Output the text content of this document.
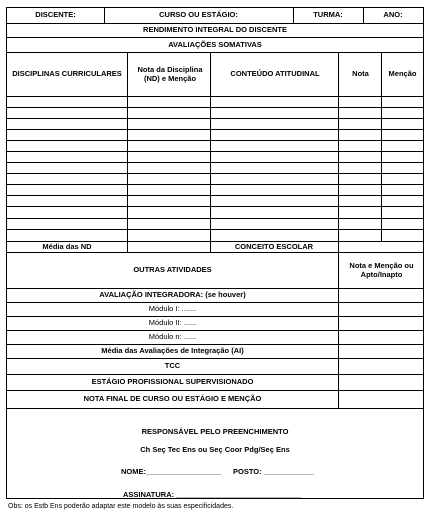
DISCENTE:	CURSO OU ESTÁGIO:	TURMA:	ANO:
RENDIMENTO INTEGRAL DO DISCENTE
AVALIAÇÕES SOMATIVAS
DISCIPLINAS CURRICULARES	Nota da Disciplina (ND) e Menção	CONTEÚDO ATITUDINAL	Nota	Menção
Média das ND	CONCEITO ESCOLAR
OUTRAS ATIVIDADES	Nota e Menção ou Apto/Inapto
AVALIAÇÃO INTEGRADORA: (se houver)
Módulo I: .......
Módulo II: ......
Módulo n: ......
Média das Avaliações de Integração (AI)
TCC
ESTÁGIO PROFISSIONAL SUPERVISIONADO
NOTA FINAL DE CURSO OU ESTÁGIO E MENÇÃO
RESPONSÁVEL PELO PREENCHIMENTO
Ch Seç Tec Ens ou Seç Coor Pdg/Seç Ens
NOME:__________________ POSTO: ____________
ASSINATURA: ______________________________
Obs: os Estb Ens poderão adaptar este modelo às suas especificidades.
